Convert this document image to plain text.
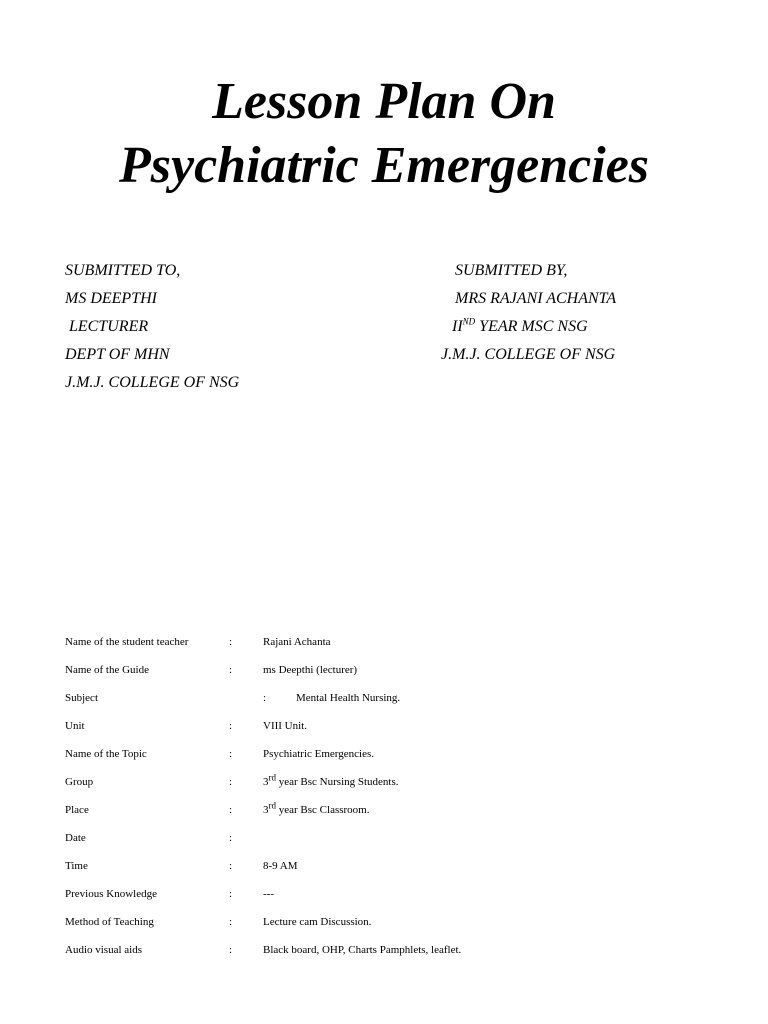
Lesson Plan On
Psychiatric Emergencies
SUBMITTED TO,
MS DEEPTHI
LECTURER
DEPT OF MHN
J.M.J. COLLEGE OF NSG
SUBMITTED BY,
MRS RAJANI ACHANTA
IIND YEAR MSC NSG
J.M.J. COLLEGE OF NSG
Name of the student teacher	:	Rajani Achanta
Name of the Guide	:	ms Deepthi (lecturer)
Subject	:	Mental Health Nursing.
Unit	:	VIII Unit.
Name of the Topic	:	Psychiatric Emergencies.
Group	:	3rd year Bsc Nursing Students.
Place	:	3rd year Bsc Classroom.
Date	:
Time	:	8-9 AM
Previous Knowledge	:	---
Method of Teaching	:	Lecture cam Discussion.
Audio visual aids	:	Black board, OHP, Charts Pamphlets, leaflet.
